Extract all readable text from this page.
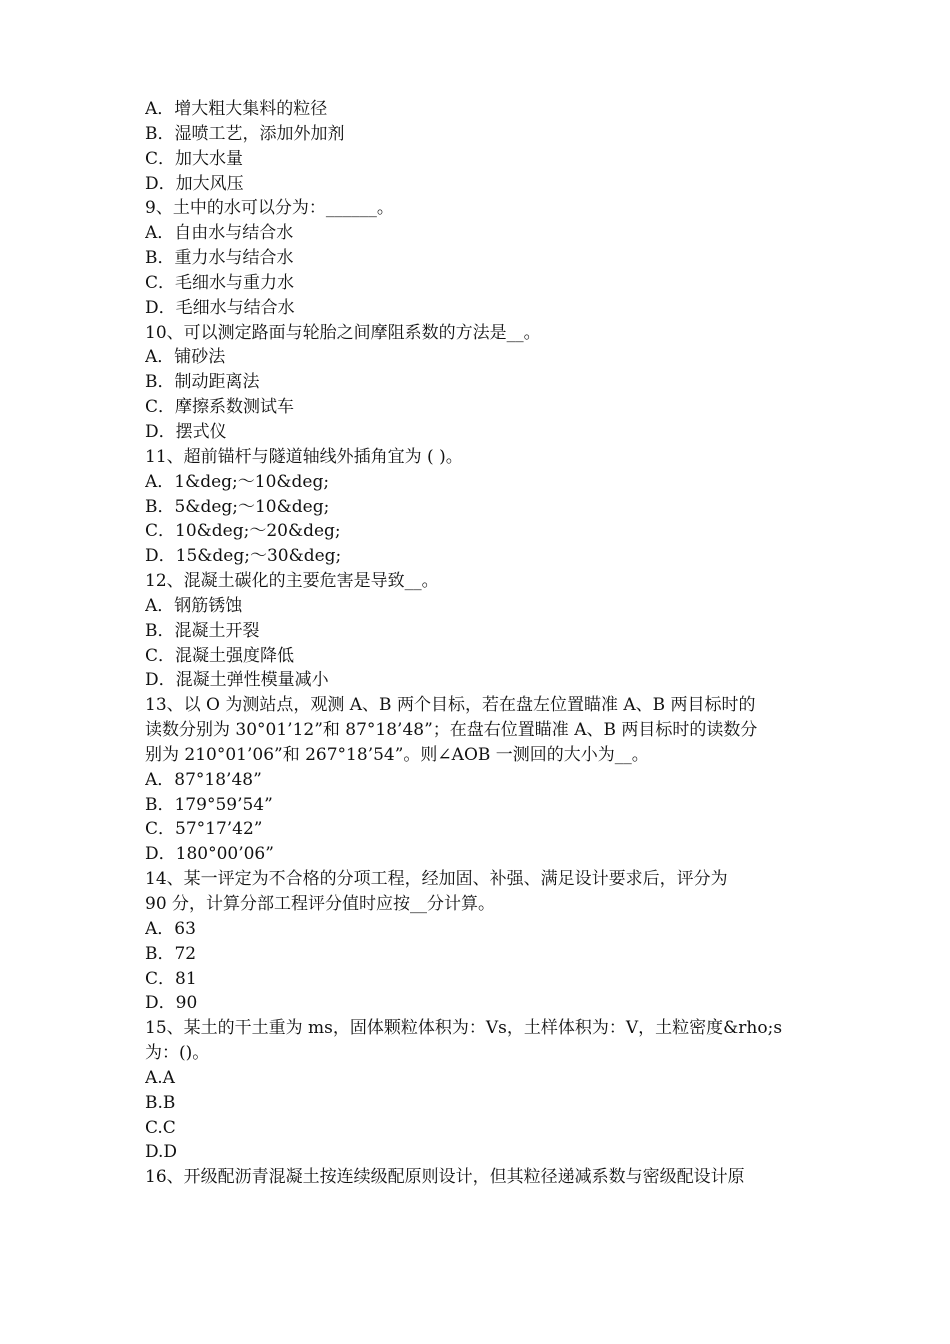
A．增大粗大集料的粒径
B．湿喷工艺，添加外加剂
C．加大水量
D．加大风压
9、土中的水可以分为：______。
A．自由水与结合水
B．重力水与结合水
C．毛细水与重力水
D．毛细水与结合水
10、可以测定路面与轮胎之间摩阻系数的方法是__。
A．铺砂法
B．制动距离法
C．摩擦系数测试车
D．摆式仪
11、超前锚杆与隧道轴线外插角宜为 ( )。
A．1&deg;～10&deg;
B．5&deg;～10&deg;
C．10&deg;～20&deg;
D．15&deg;～30&deg;
12、混凝土碳化的主要危害是导致__。
A．钢筋锈蚀
B．混凝土开裂
C．混凝土强度降低
D．混凝土弹性模量减小
13、以 O 为测站点，观测 A、B 两个目标，若在盘左位置瞄准 A、B 两目标时的
读数分别为 30°01’12”和 87°18’48”；在盘右位置瞄准 A、B 两目标时的读数分
别为 210°01’06”和 267°18’54”。则∠AOB 一测回的大小为__。
A．87°18’48”
B．179°59’54”
C．57°17’42”
D．180°00’06”
14、某一评定为不合格的分项工程，经加固、补强、满足设计要求后，评分为
90 分，计算分部工程评分值时应按__分计算。
A．63
B．72
C．81
D．90
15、某土的干土重为 ms，固体颗粒体积为：Vs，土样体积为：V，土粒密度&rho;s
为：()。
A.A
B.B
C.C
D.D
16、开级配沥青混凝土按连续级配原则设计，但其粒径递减系数与密级配设计原
